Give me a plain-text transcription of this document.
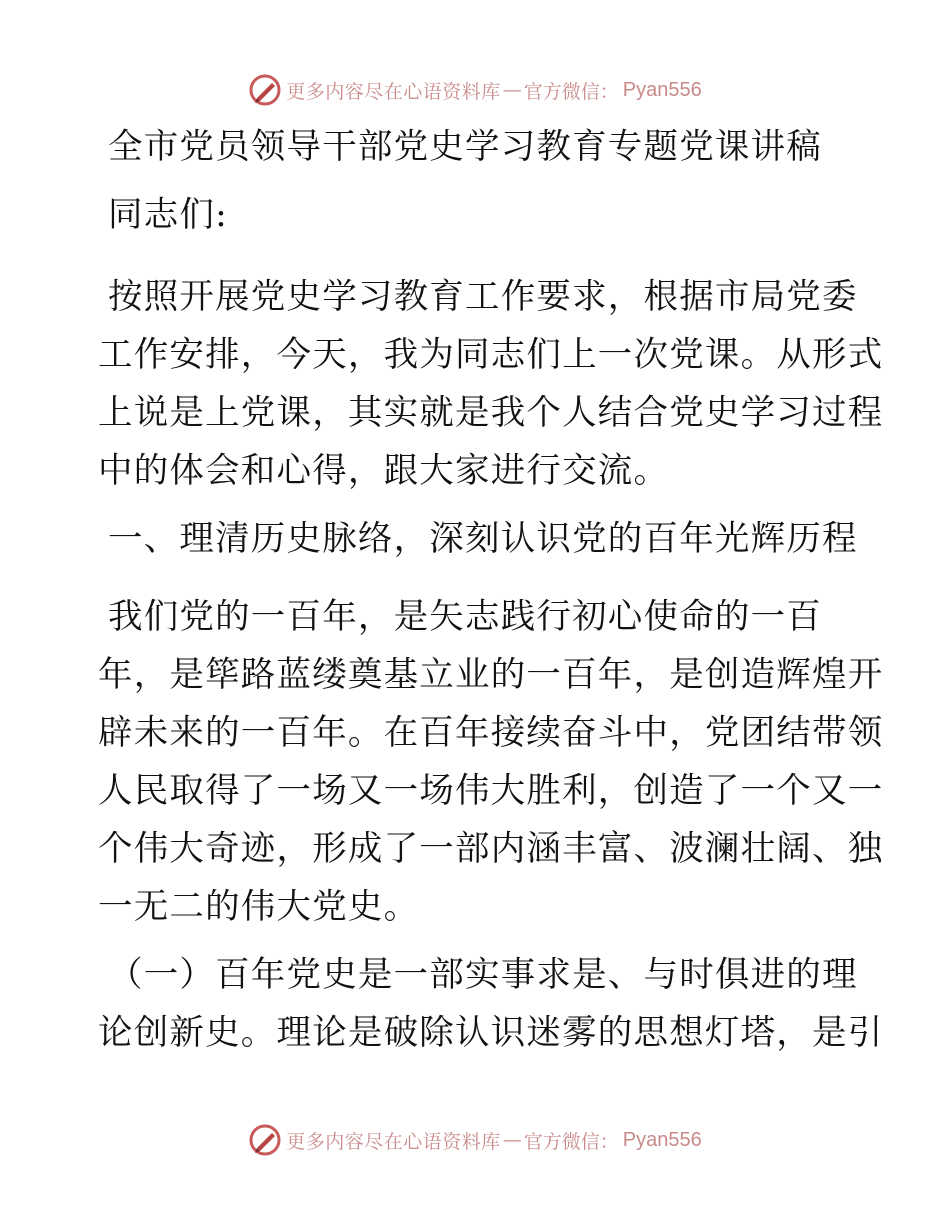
更多内容尽在心语资料库 — 官方微信： Pyan556
全市党员领导干部党史学习教育专题党课讲稿
同志们:
按照开展党史学习教育工作要求，根据市局党委
工作安排，今天，我为同志们上一次党课。从形式
上说是上党课，其实就是我个人结合党史学习过程
中的体会和心得，跟大家进行交流。
一、理清历史脉络，深刻认识党的百年光辉历程
我们党的一百年，是矢志践行初心使命的一百
年，是筚路蓝缕奠基立业的一百年，是创造辉煌开
辟未来的一百年。在百年接续奋斗中，党团结带领
人民取得了一场又一场伟大胜利，创造了一个又一
个伟大奇迹，形成了一部内涵丰富、波澜壮阔、独
一无二的伟大党史。
（一）百年党史是一部实事求是、与时俱进的理
论创新史。理论是破除认识迷雾的思想灯塔，是引
更多内容尽在心语资料库 — 官方微信： Pyan556
